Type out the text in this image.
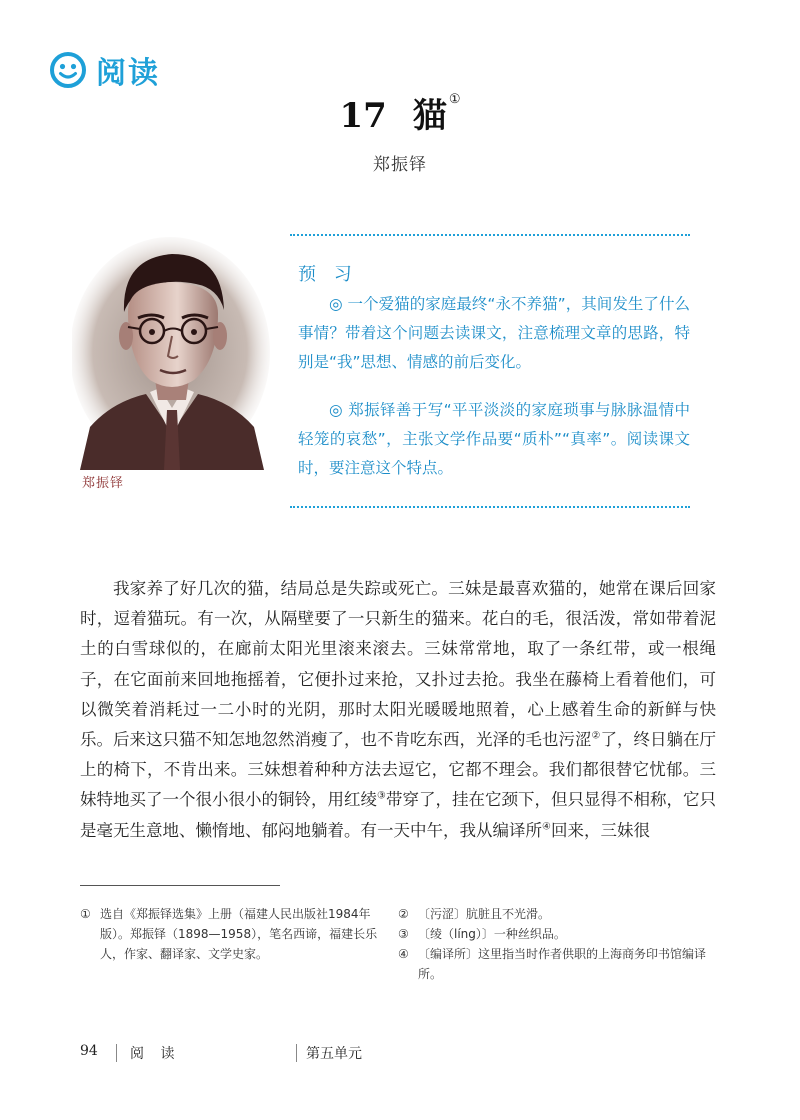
阅读
17 猫 ①
郑振铎
郑振铎
预 习

◎ 一个爱猫的家庭最终“永不养猫”，其间发生了什么事情？带着这个问题去读课文，注意梳理文章的思路，特别是“我”思想、情感的前后变化。

◎ 郑振铎善于写“平平淡淡的家庭琐事与脉脉温情中轻笼的哀愁”，主张文学作品要“质朴”“真率”。阅读课文时，要注意这个特点。

我家养了好几次的猫，结局总是失踪或死亡。三妹是最喜欢猫的，她常在课后回家时，逗着猫玩。有一次，从隔壁要了一只新生的猫来。花白的毛，很活泼，常如带着泥土的白雪球似的，在廊前太阳光里滚来滚去。三妹常常地，取了一条红带，或一根绳子，在它面前来回地拖摇着，它便扑过来抢，又扑过去抢。我坐在藤椅上看着他们，可以微笑着消耗过一二小时的光阴，那时太阳光暖暖地照着，心上感着生命的新鲜与快乐。后来这只猫不知怎地忽然消瘦了，也不肯吃东西，光泽的毛也污涩②了，终日躺在厅上的椅下，不肯出来。三妹想着种种方法去逗它，它都不理会。我们都很替它忧郁。三妹特地买了一个很小很小的铜铃，用红绫③带穿了，挂在它颈下，但只显得不相称，它只是毫无生意地、懒惰地、郁闷地躺着。有一天中午，我从编译所④回来，三妹很

① 选自《郑振铎选集》上册（福建人民出版社1984年版）。郑振铎（1898—1958），笔名西谛，福建长乐人，作家、翻译家、文学史家。
② 〔污涩〕肮脏且不光滑。
③ 〔绫（líng）〕一种丝织品。
④ 〔编译所〕这里指当时作者供职的上海商务印书馆编译所。
94 阅 读	第五单元
